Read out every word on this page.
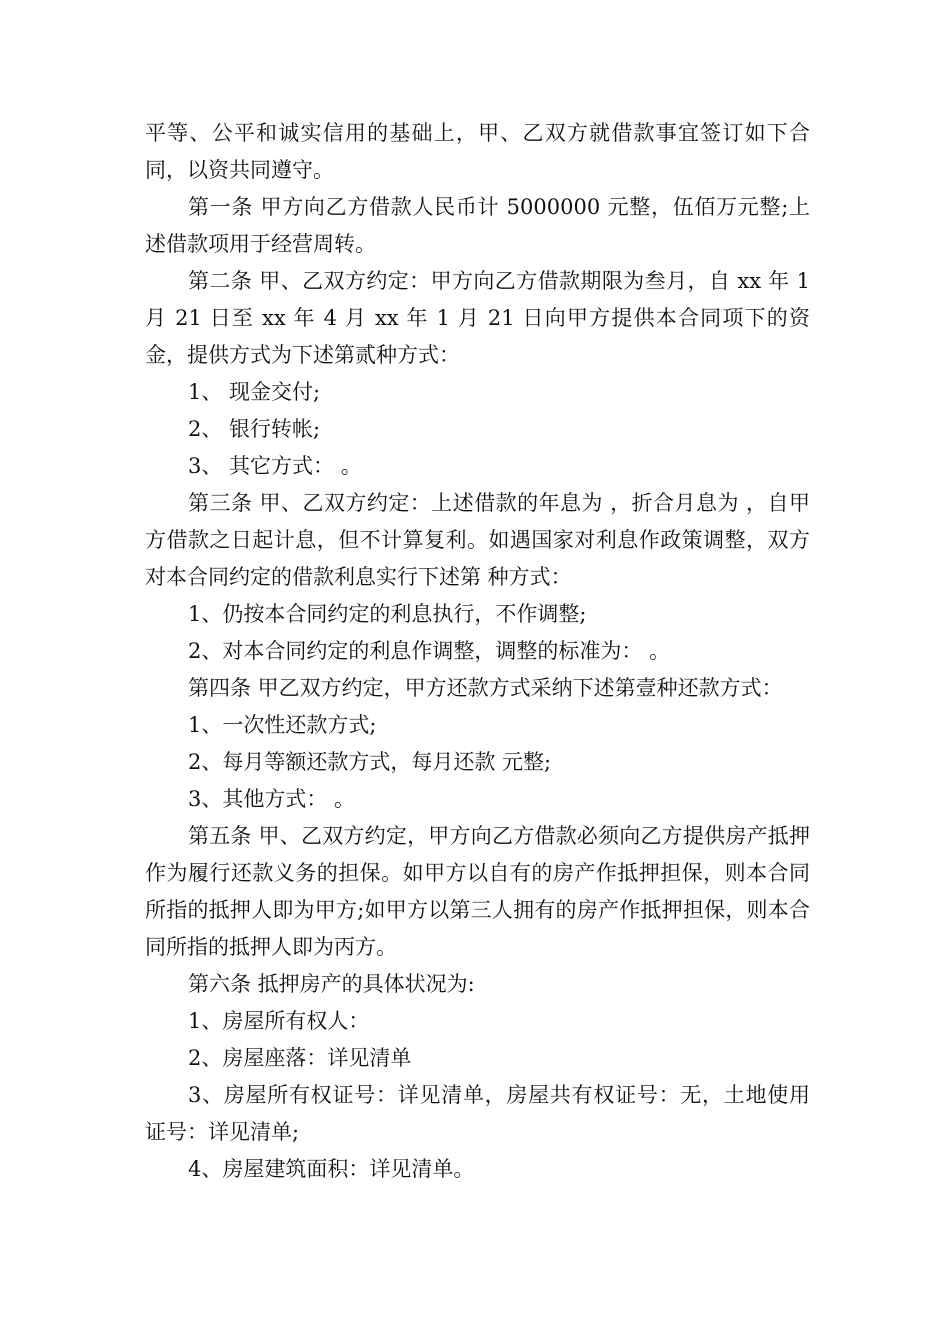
平等、公平和诚实信用的基础上，甲、乙双方就借款事宜签订如下合同，以资共同遵守。

第一条 甲方向乙方借款人民币计 5000000 元整，伍佰万元整;上述借款项用于经营周转。

第二条 甲、乙双方约定：甲方向乙方借款期限为叁月，自 xx 年 1 月 21 日至 xx 年 4 月 xx 年 1 月 21 日向甲方提供本合同项下的资金，提供方式为下述第贰种方式：

1、 现金交付;

2、 银行转帐;

3、 其它方式： 。

第三条 甲、乙双方约定：上述借款的年息为 ，折合月息为 ，自甲方借款之日起计息，但不计算复利。如遇国家对利息作政策调整，双方对本合同约定的借款利息实行下述第 种方式：

1、仍按本合同约定的利息执行，不作调整;

2、对本合同约定的利息作调整，调整的标准为： 。

第四条 甲乙双方约定，甲方还款方式采纳下述第壹种还款方式：

1、一次性还款方式;

2、每月等额还款方式，每月还款 元整;

3、其他方式： 。

第五条 甲、乙双方约定，甲方向乙方借款必须向乙方提供房产抵押作为履行还款义务的担保。如甲方以自有的房产作抵押担保，则本合同所指的抵押人即为甲方;如甲方以第三人拥有的房产作抵押担保，则本合同所指的抵押人即为丙方。

第六条 抵押房产的具体状况为:

1、房屋所有权人：

2、房屋座落：详见清单

3、房屋所有权证号：详见清单，房屋共有权证号：无，土地使用证号：详见清单;

4、房屋建筑面积：详见清单。
